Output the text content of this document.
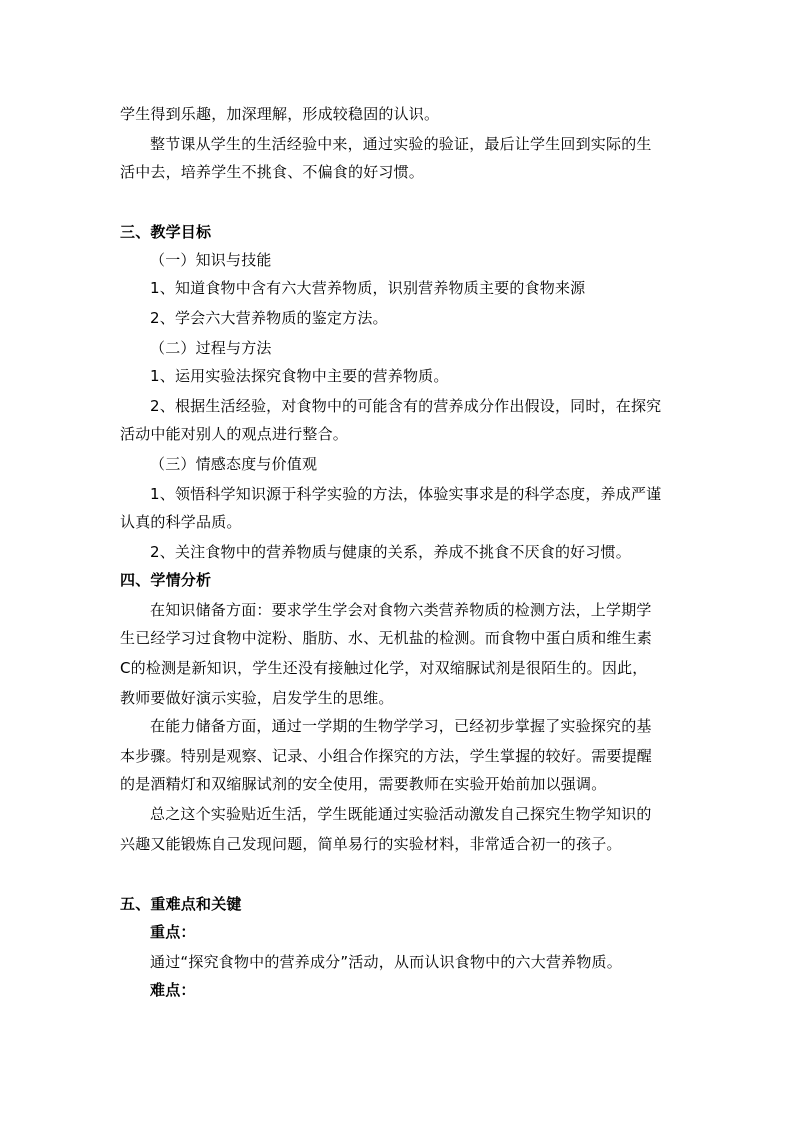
学生得到乐趣，加深理解，形成较稳固的认识。
整节课从学生的生活经验中来，通过实验的验证，最后让学生回到实际的生
活中去，培养学生不挑食、不偏食的好习惯。
三、教学目标
（一）知识与技能
1、知道食物中含有六大营养物质，识别营养物质主要的食物来源
2、学会六大营养物质的鉴定方法。
（二）过程与方法
1、运用实验法探究食物中主要的营养物质。
2、根据生活经验，对食物中的可能含有的营养成分作出假设，同时，在探究
活动中能对别人的观点进行整合。
（三）情感态度与价值观
1、领悟科学知识源于科学实验的方法，体验实事求是的科学态度，养成严谨
认真的科学品质。
2、关注食物中的营养物质与健康的关系，养成不挑食不厌食的好习惯。
四、学情分析
在知识储备方面：要求学生学会对食物六类营养物质的检测方法，上学期学
生已经学习过食物中淀粉、脂肪、水、无机盐的检测。而食物中蛋白质和维生素
C的检测是新知识，学生还没有接触过化学，对双缩脲试剂是很陌生的。因此，
教师要做好演示实验，启发学生的思维。
在能力储备方面，通过一学期的生物学学习，已经初步掌握了实验探究的基
本步骤。特别是观察、记录、小组合作探究的方法，学生掌握的较好。需要提醒
的是酒精灯和双缩脲试剂的安全使用，需要教师在实验开始前加以强调。
总之这个实验贴近生活，学生既能通过实验活动激发自己探究生物学知识的
兴趣又能锻炼自己发现问题，简单易行的实验材料，非常适合初一的孩子。
五、重难点和关键
重点：
通过“探究食物中的营养成分”活动，从而认识食物中的六大营养物质。
难点：
